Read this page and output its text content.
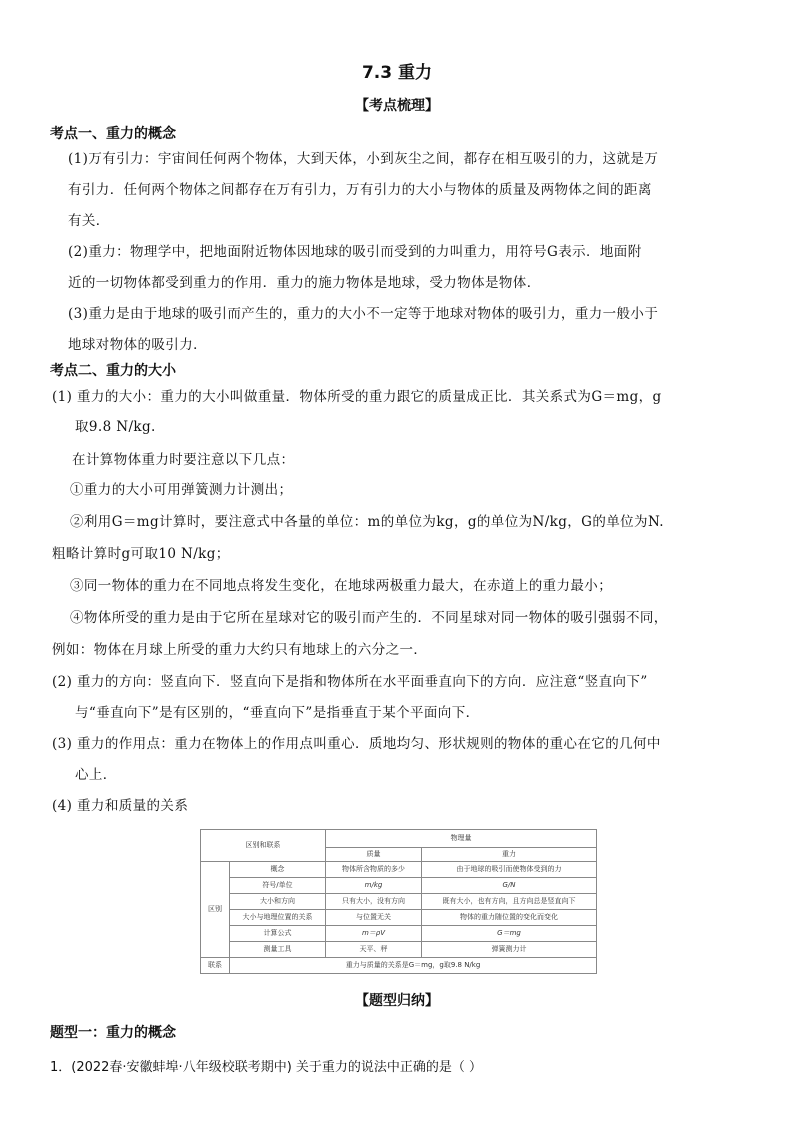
7.3 重力
【考点梳理】
考点一、重力的概念
(1)万有引力：宇宙间任何两个物体，大到天体，小到灰尘之间，都存在相互吸引的力，这就是万
有引力．任何两个物体之间都存在万有引力，万有引力的大小与物体的质量及两物体之间的距离
有关．
(2)重力：物理学中，把地面附近物体因地球的吸引而受到的力叫重力，用符号G表示．地面附
近的一切物体都受到重力的作用．重力的施力物体是地球，受力物体是物体．
(3)重力是由于地球的吸引而产生的，重力的大小不一定等于地球对物体的吸引力，重力一般小于
地球对物体的吸引力．
考点二、重力的大小
(1) 重力的大小：重力的大小叫做重量．物体所受的重力跟它的质量成正比．其关系式为G＝mg，g
取9.8 N/kg.
在计算物体重力时要注意以下几点：
①重力的大小可用弹簧测力计测出；
②利用G＝mg计算时，要注意式中各量的单位：m的单位为kg，g的单位为N/kg，G的单位为N.
粗略计算时g可取10 N/kg；
③同一物体的重力在不同地点将发生变化，在地球两极重力最大，在赤道上的重力最小；
④物体所受的重力是由于它所在星球对它的吸引而产生的．不同星球对同一物体的吸引强弱不同，
例如：物体在月球上所受的重力大约只有地球上的六分之一．
(2) 重力的方向：竖直向下．竖直向下是指和物体所在水平面垂直向下的方向．应注意“竖直向下”
与“垂直向下”是有区别的，“垂直向下”是指垂直于某个平面向下．
(3) 重力的作用点：重力在物体上的作用点叫重心．质地均匀、形状规则的物体的重心在它的几何中
心上．
(4) 重力和质量的关系
区别和联系		物理量	
		质量	重力
区别	概念	物体所含物质的多少	由于地球的吸引而使物体受到的力
	符号/单位	m/kg	G/N
	大小和方向	只有大小，没有方向	既有大小，也有方向，且方向总是竖直向下
	大小与地理位置的关系	与位置无关	物体的重力随位置的变化而变化
	计算公式	m＝ρV	G＝mg
	测量工具	天平、秤	弹簧测力计
联系	重力与质量的关系是G＝mg，g取9.8 N/kg		
【题型归纳】
题型一：重力的概念
1．(2022春·安徽蚌埠·八年级校联考期中) 关于重力的说法中正确的是（ ）
